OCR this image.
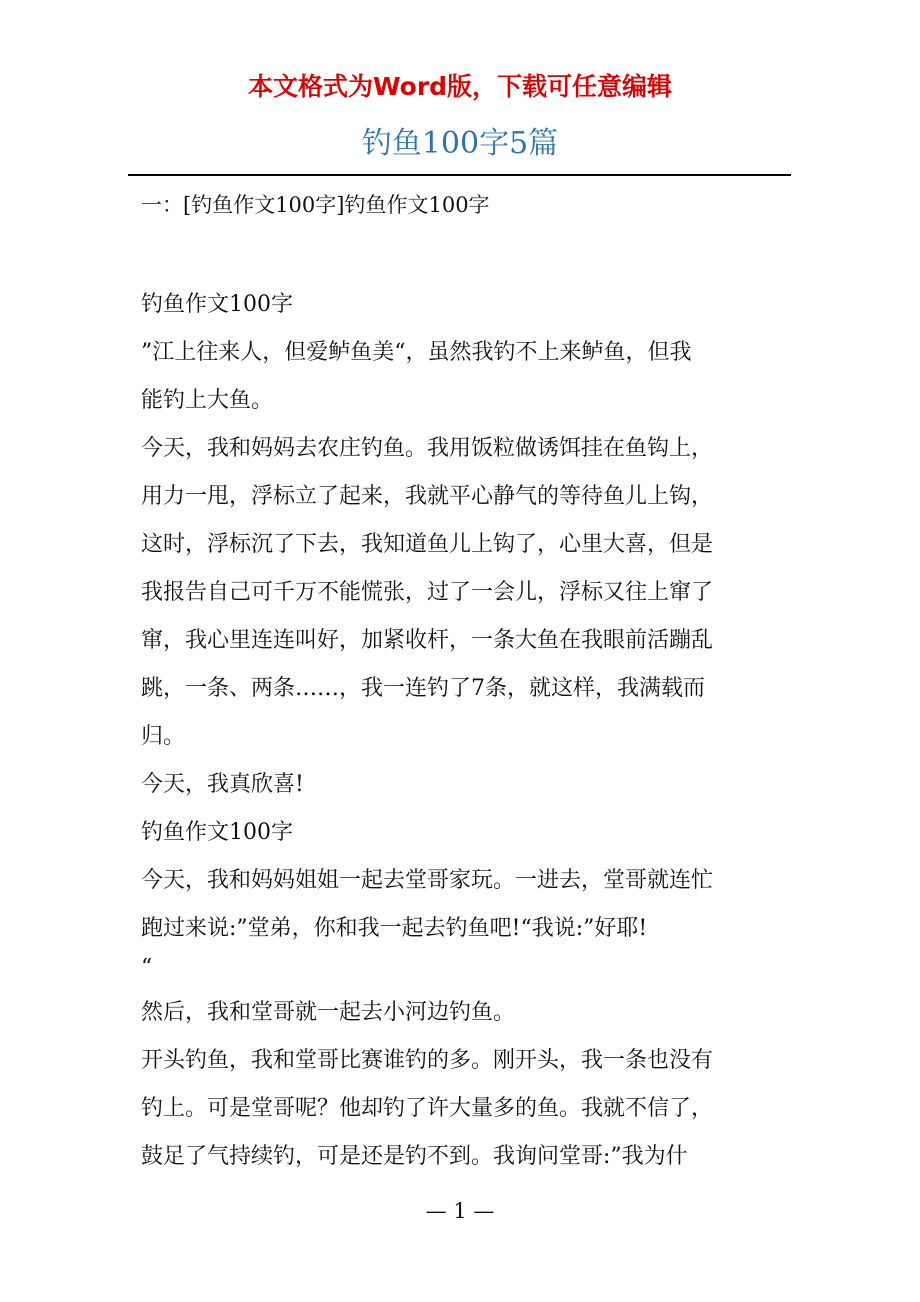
本文格式为Word版，下载可任意编辑
钓鱼100字5篇
一：[钓鱼作文100字]钓鱼作文100字
钓鱼作文100字
”江上往来人，但爱鲈鱼美“，虽然我钓不上来鲈鱼，但我
能钓上大鱼。
今天，我和妈妈去农庄钓鱼。我用饭粒做诱饵挂在鱼钩上，
用力一甩，浮标立了起来，我就平心静气的等待鱼儿上钩，
这时，浮标沉了下去，我知道鱼儿上钩了，心里大喜，但是
我报告自己可千万不能慌张，过了一会儿，浮标又往上窜了
窜，我心里连连叫好，加紧收杆，一条大鱼在我眼前活蹦乱
跳，一条、两条……，我一连钓了7条，就这样，我满载而
归。
今天，我真欣喜!
钓鱼作文100字
今天，我和妈妈姐姐一起去堂哥家玩。一进去，堂哥就连忙
跑过来说:”堂弟，你和我一起去钓鱼吧!“我说:”好耶!
“
然后，我和堂哥就一起去小河边钓鱼。
开头钓鱼，我和堂哥比赛谁钓的多。刚开头，我一条也没有
钓上。可是堂哥呢？他却钓了许大量多的鱼。我就不信了，
鼓足了气持续钓，可是还是钓不到。我询问堂哥:”我为什
— 1 —
